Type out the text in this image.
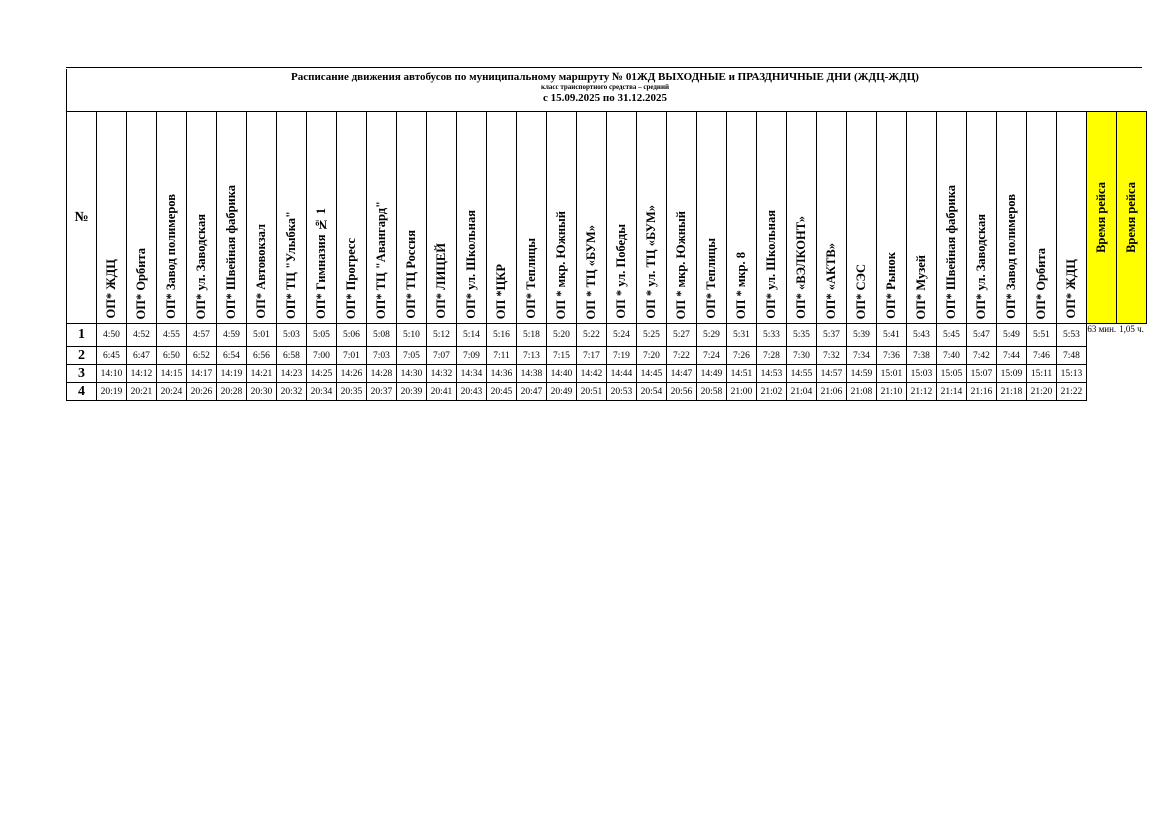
Расписание движения автобусов по муниципальному маршруту № 01ЖД ВЫХОДНЫЕ и ПРАЗДНИЧНЫЕ ДНИ (ЖДЦ-ЖДЦ)
класс транспортного средства – средний
с 15.09.2025 по 31.12.2025
№	ОП* ЖДЦ	ОП* Орбита	ОП* Завод полимеров	ОП* ул. Заводская	ОП* Швейная фабрика	ОП* Автовокзал	ОП* ТЦ "Улыбка"	ОП* Гимназия № 1	ОП* Прогресс	ОП* ТЦ "Авангард"	ОП* ТЦ Россия	ОП* ЛИЦЕЙ	ОП* ул. Школьная	ОП *ЦКР	ОП* Теплицы	ОП * мкр. Южный	ОП * ТЦ «БУМ»	ОП * ул. Победы	ОП * ул. ТЦ «БУМ»	ОП * мкр. Южный	ОП* Теплицы	ОП * мкр. 8	ОП* ул. Школьная	ОП* «ВЭЛКОНТ»	ОП* «АКТВ»	ОП* СЭС	ОП* Рынок	ОП* Музей	ОП* Швейная фабрика	ОП* ул. Заводская	ОП* Завод полимеров	ОП* Орбита	ОП* ЖДЦ	Время рейса	Время рейса

1	4:50	4:52	4:55	4:57	4:59	5:01	5:03	5:05	5:06	5:08	5:10	5:12	5:14	5:16	5:18	5:20	5:22	5:24	5:25	5:27	5:29	5:31	5:33	5:35	5:37	5:39	5:41	5:43	5:45	5:47	5:49	5:51	5:53	63 мин.	1,05 ч.
2	6:45	6:47	6:50	6:52	6:54	6:56	6:58	7:00	7:01	7:03	7:05	7:07	7:09	7:11	7:13	7:15	7:17	7:19	7:20	7:22	7:24	7:26	7:28	7:30	7:32	7:34	7:36	7:38	7:40	7:42	7:44	7:46	7:48		
3	14:10	14:12	14:15	14:17	14:19	14:21	14:23	14:25	14:26	14:28	14:30	14:32	14:34	14:36	14:38	14:40	14:42	14:44	14:45	14:47	14:49	14:51	14:53	14:55	14:57	14:59	15:01	15:03	15:05	15:07	15:09	15:11	15:13		
4	20:19	20:21	20:24	20:26	20:28	20:30	20:32	20:34	20:35	20:37	20:39	20:41	20:43	20:45	20:47	20:49	20:51	20:53	20:54	20:56	20:58	21:00	21:02	21:04	21:06	21:08	21:10	21:12	21:14	21:16	21:18	21:20	21:22		
